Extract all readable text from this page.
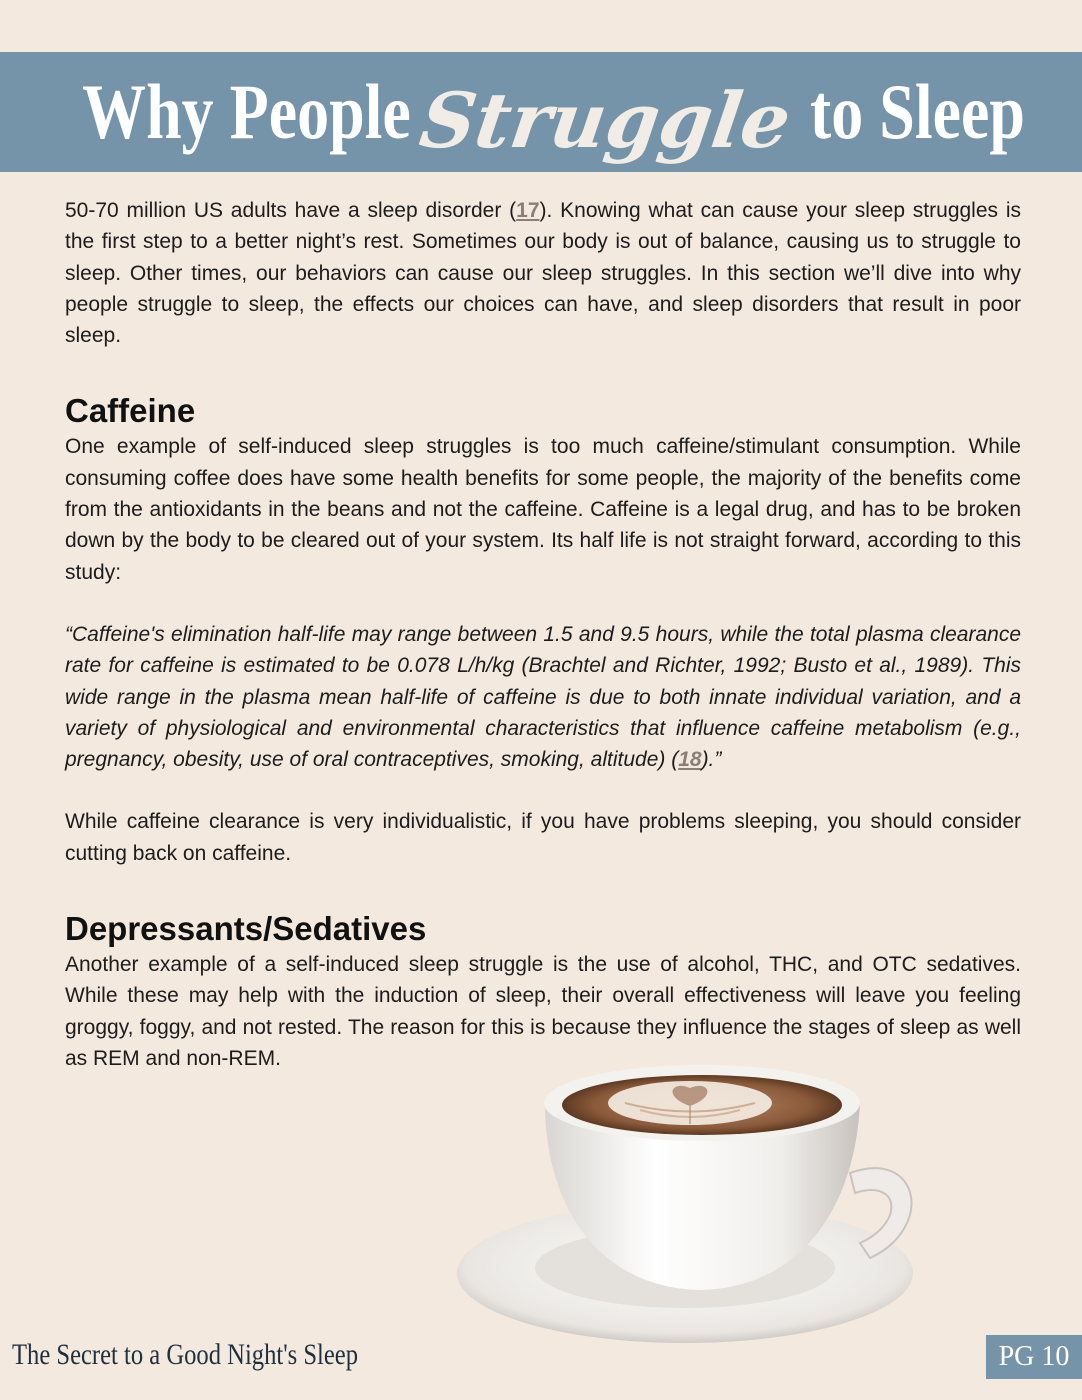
Why People Struggle to Sleep

50-70 million US adults have a sleep disorder (17). Knowing what can cause your sleep struggles is the first step to a better night’s rest. Sometimes our body is out of balance, causing us to struggle to sleep. Other times, our behaviors can cause our sleep struggles. In this section we’ll dive into why people struggle to sleep, the effects our choices can have, and sleep disorders that result in poor sleep.

Caffeine

One example of self-induced sleep struggles is too much caffeine/stimulant consumption. While consuming coffee does have some health benefits for some people, the majority of the benefits come from the antioxidants in the beans and not the caffeine. Caffeine is a legal drug, and has to be broken down by the body to be cleared out of your system. Its half life is not straight forward, according to this study:

“Caffeine's elimination half-life may range between 1.5 and 9.5 hours, while the total plasma clearance rate for caffeine is estimated to be 0.078 L/h/kg (Brachtel and Richter, 1992; Busto et al., 1989). This wide range in the plasma mean half-life of caffeine is due to both innate individual variation, and a variety of physiological and environmental characteristics that influence caffeine metabolism (e.g., pregnancy, obesity, use of oral contraceptives, smoking, altitude) (18).”

While caffeine clearance is very individualistic, if you have problems sleeping, you should consider cutting back on caffeine.

Depressants/Sedatives

Another example of a self-induced sleep struggle is the use of alcohol, THC, and OTC sedatives. While these may help with the induction of sleep, their overall effectiveness will leave you feeling groggy, foggy, and not rested. The reason for this is because they influence the stages of sleep as well as REM and non-REM.

The Secret to a Good Night's Sleep	PG 10
